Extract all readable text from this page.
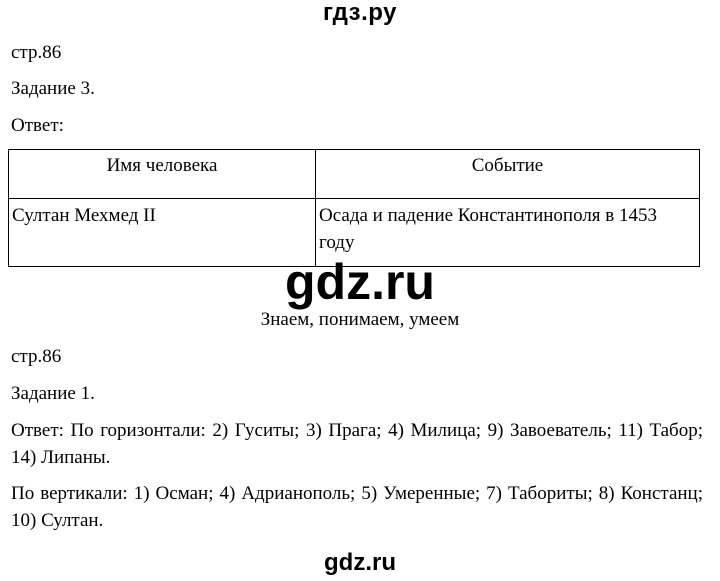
гдз.ру
стр.86
Задание 3.
Ответ:
Имя человека	Событие
Султан Мехмед II	Осада и падение Константинополя в 1453 году
gdz.ru
Знаем, понимаем, умеем
стр.86
Задание 1.
Ответ: По горизонтали: 2) Гуситы; 3) Прага; 4) Милица; 9) Завоеватель; 11) Табор; 14) Липаны.
По вертикали: 1) Осман; 4) Адрианополь; 5) Умеренные; 7) Табориты; 8) Констанц; 10) Султан.
gdz.ru
